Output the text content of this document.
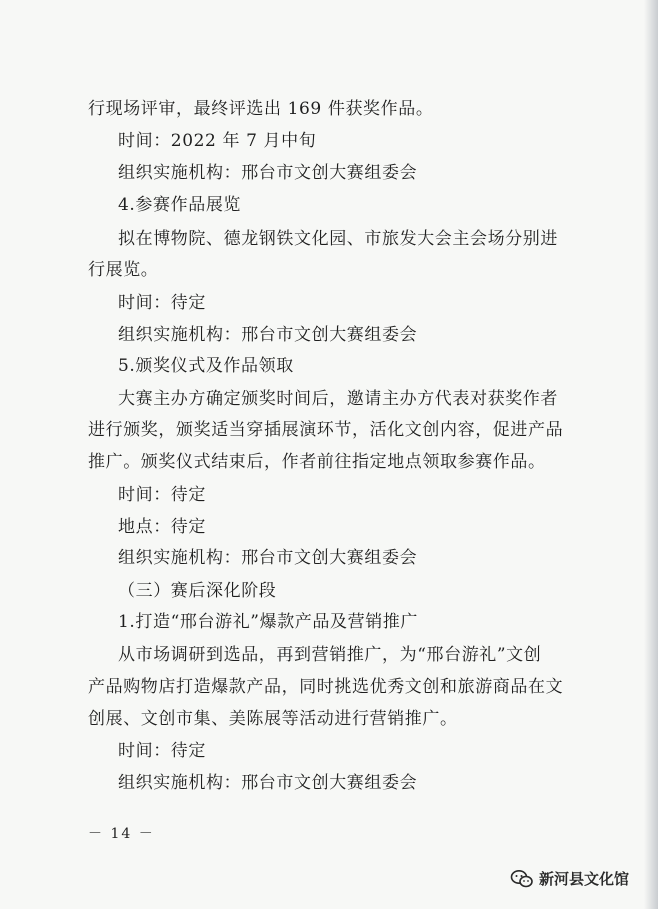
行现场评审，最终评选出 169 件获奖作品。
时间：2022 年 7 月中旬
组织实施机构：邢台市文创大赛组委会
4.参赛作品展览
拟在博物院、德龙钢铁文化园、市旅发大会主会场分别进
行展览。
时间：待定
组织实施机构：邢台市文创大赛组委会
5.颁奖仪式及作品领取
大赛主办方确定颁奖时间后，邀请主办方代表对获奖作者
进行颁奖，颁奖适当穿插展演环节，活化文创内容，促进产品
推广。颁奖仪式结束后，作者前往指定地点领取参赛作品。
时间：待定
地点：待定
组织实施机构：邢台市文创大赛组委会
（三）赛后深化阶段
1.打造“邢台游礼”爆款产品及营销推广
从市场调研到选品，再到营销推广，为“邢台游礼”文创
产品购物店打造爆款产品，同时挑选优秀文创和旅游商品在文
创展、文创市集、美陈展等活动进行营销推广。
时间：待定
组织实施机构：邢台市文创大赛组委会
－ 14 －
新河县文化馆
